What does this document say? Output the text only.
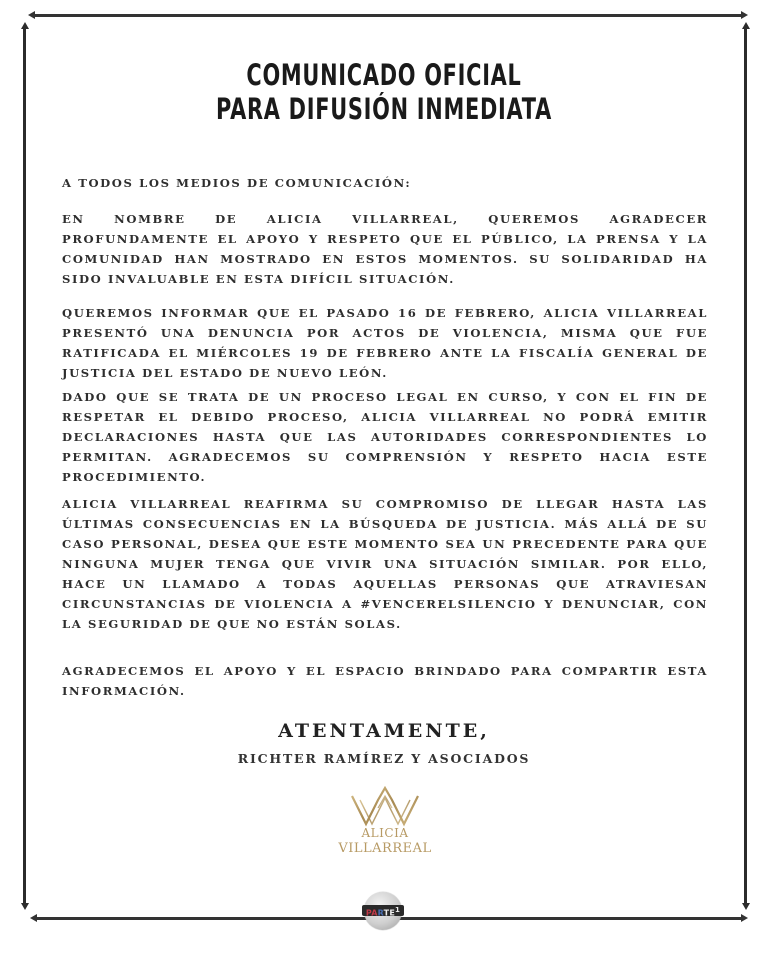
COMUNICADO OFICIAL
PARA DIFUSIÓN INMEDIATA
A TODOS LOS MEDIOS DE COMUNICACIÓN:
EN NOMBRE DE ALICIA VILLARREAL, QUEREMOS AGRADECER PROFUNDAMENTE EL APOYO Y RESPETO QUE EL PÚBLICO, LA PRENSA Y LA COMUNIDAD HAN MOSTRADO EN ESTOS MOMENTOS. SU SOLIDARIDAD HA SIDO INVALUABLE EN ESTA DIFÍCIL SITUACIÓN.
QUEREMOS INFORMAR QUE EL PASADO 16 DE FEBRERO, ALICIA VILLARREAL PRESENTÓ UNA DENUNCIA POR ACTOS DE VIOLENCIA, MISMA QUE FUE RATIFICADA EL MIÉRCOLES 19 DE FEBRERO ANTE LA FISCALÍA GENERAL DE JUSTICIA DEL ESTADO DE NUEVO LEÓN.
DADO QUE SE TRATA DE UN PROCESO LEGAL EN CURSO, Y CON EL FIN DE RESPETAR EL DEBIDO PROCESO, ALICIA VILLARREAL NO PODRÁ EMITIR DECLARACIONES HASTA QUE LAS AUTORIDADES CORRESPONDIENTES LO PERMITAN. AGRADECEMOS SU COMPRENSIÓN Y RESPETO HACIA ESTE PROCEDIMIENTO.
ALICIA VILLARREAL REAFIRMA SU COMPROMISO DE LLEGAR HASTA LAS ÚLTIMAS CONSECUENCIAS EN LA BÚSQUEDA DE JUSTICIA. MÁS ALLÁ DE SU CASO PERSONAL, DESEA QUE ESTE MOMENTO SEA UN PRECEDENTE PARA QUE NINGUNA MUJER TENGA QUE VIVIR UNA SITUACIÓN SIMILAR. POR ELLO, HACE UN LLAMADO A TODAS AQUELLAS PERSONAS QUE ATRAVIESAN CIRCUNSTANCIAS DE VIOLENCIA A #VENCERELSILENCIO Y DENUNCIAR, CON LA SEGURIDAD DE QUE NO ESTÁN SOLAS.
AGRADECEMOS EL APOYO Y EL ESPACIO BRINDADO PARA COMPARTIR ESTA INFORMACIÓN.
ATENTAMENTE,
RICHTER RAMÍREZ Y ASOCIADOS
ALICIA
VILLARREAL
PARTE$^1$
